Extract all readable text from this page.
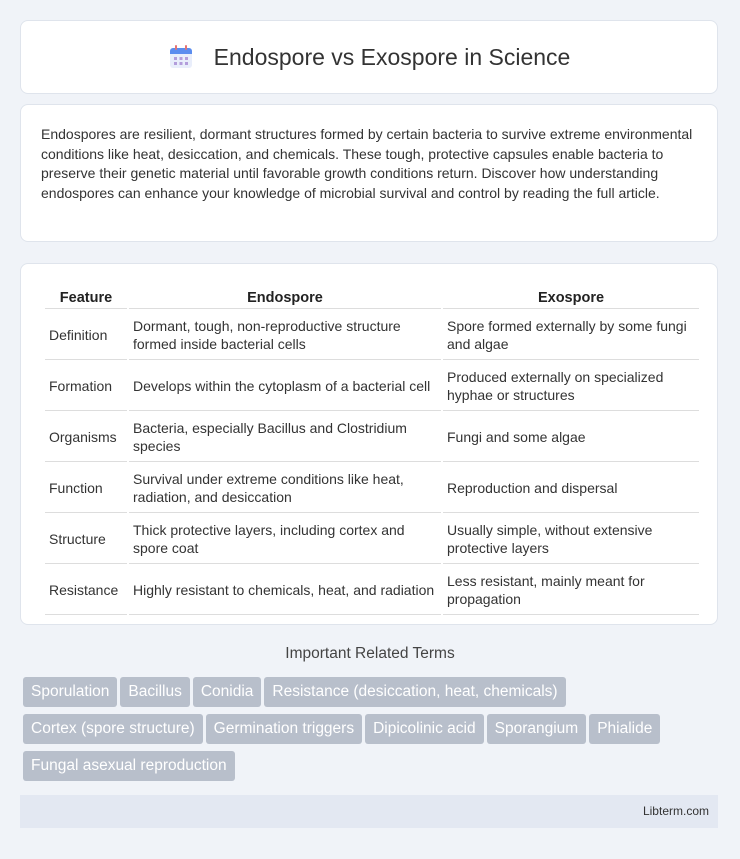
Endospore vs Exospore in Science

Endospores are resilient, dormant structures formed by certain bacteria to survive extreme environmental conditions like heat, desiccation, and chemicals. These tough, protective capsules enable bacteria to preserve their genetic material until favorable growth conditions return. Discover how understanding endospores can enhance your knowledge of microbial survival and control by reading the full article.

Feature	Endospore	Exospore
Definition	Dormant, tough, non-reproductive structure formed inside bacterial cells	Spore formed externally by some fungi and algae
Formation	Develops within the cytoplasm of a bacterial cell	Produced externally on specialized hyphae or structures
Organisms	Bacteria, especially Bacillus and Clostridium species	Fungi and some algae
Function	Survival under extreme conditions like heat, radiation, and desiccation	Reproduction and dispersal
Structure	Thick protective layers, including cortex and spore coat	Usually simple, without extensive protective layers
Resistance	Highly resistant to chemicals, heat, and radiation	Less resistant, mainly meant for propagation
Important Related Terms
Sporulation Bacillus Conidia Resistance (desiccation, heat, chemicals)Cortex (spore structure) Germination triggers Dipicolinic acid Sporangium PhialideFungal asexual reproduction
Libterm.com
